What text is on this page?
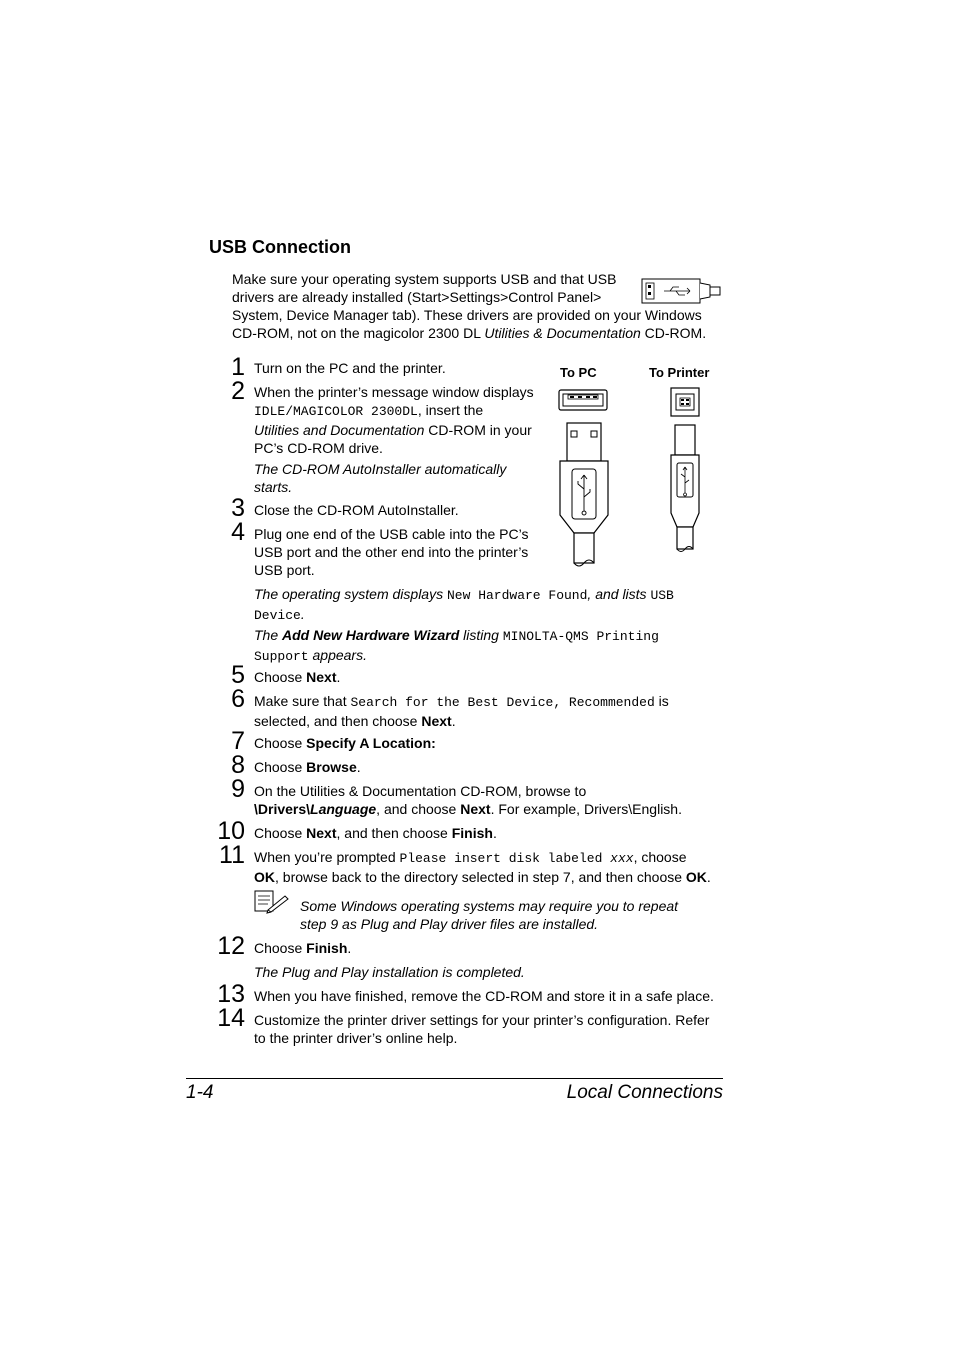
USB Connection

Make sure your operating system supports USB and that USB

drivers are already installed (Start>Settings>Control Panel>

System, Device Manager tab). These drivers are provided on your Windows

CD-ROM, not on the magicolor 2300 DL Utilities & Documentation CD-ROM.

To PC	To Printer
1 Turn on the PC and the printer.
2 When the printer’s message window displays
IDLE/MAGICOLOR 2300DL, insert the
Utilities and Documentation CD-ROM in your
PC’s CD-ROM drive.
The CD-ROM AutoInstaller automatically
starts.
3 Close the CD-ROM AutoInstaller.
4 Plug one end of the USB cable into the PC’s
USB port and the other end into the printer’s
USB port.
The operating system displays New Hardware Found, and lists USB
Device.
The Add New Hardware Wizard listing MINOLTA-QMS Printing
Support appears.
5 Choose Next.
6 Make sure that Search for the Best Device, Recommended is
selected, and then choose Next.
7 Choose Specify A Location:
8 Choose Browse.
9 On the Utilities & Documentation CD-ROM, browse to
\Drivers\Language, and choose Next. For example, Drivers\English.
10 Choose Next, and then choose Finish.
11 When you’re prompted Please insert disk labeled xxx, choose
OK, browse back to the directory selected in step 7, and then choose OK.
Some Windows operating systems may require you to repeat
step 9 as Plug and Play driver files are installed.
12 Choose Finish.
The Plug and Play installation is completed.
13 When you have finished, remove the CD-ROM and store it in a safe place.
14 Customize the printer driver settings for your printer’s configuration. Refer
to the printer driver’s online help.
1-4	Local Connections
